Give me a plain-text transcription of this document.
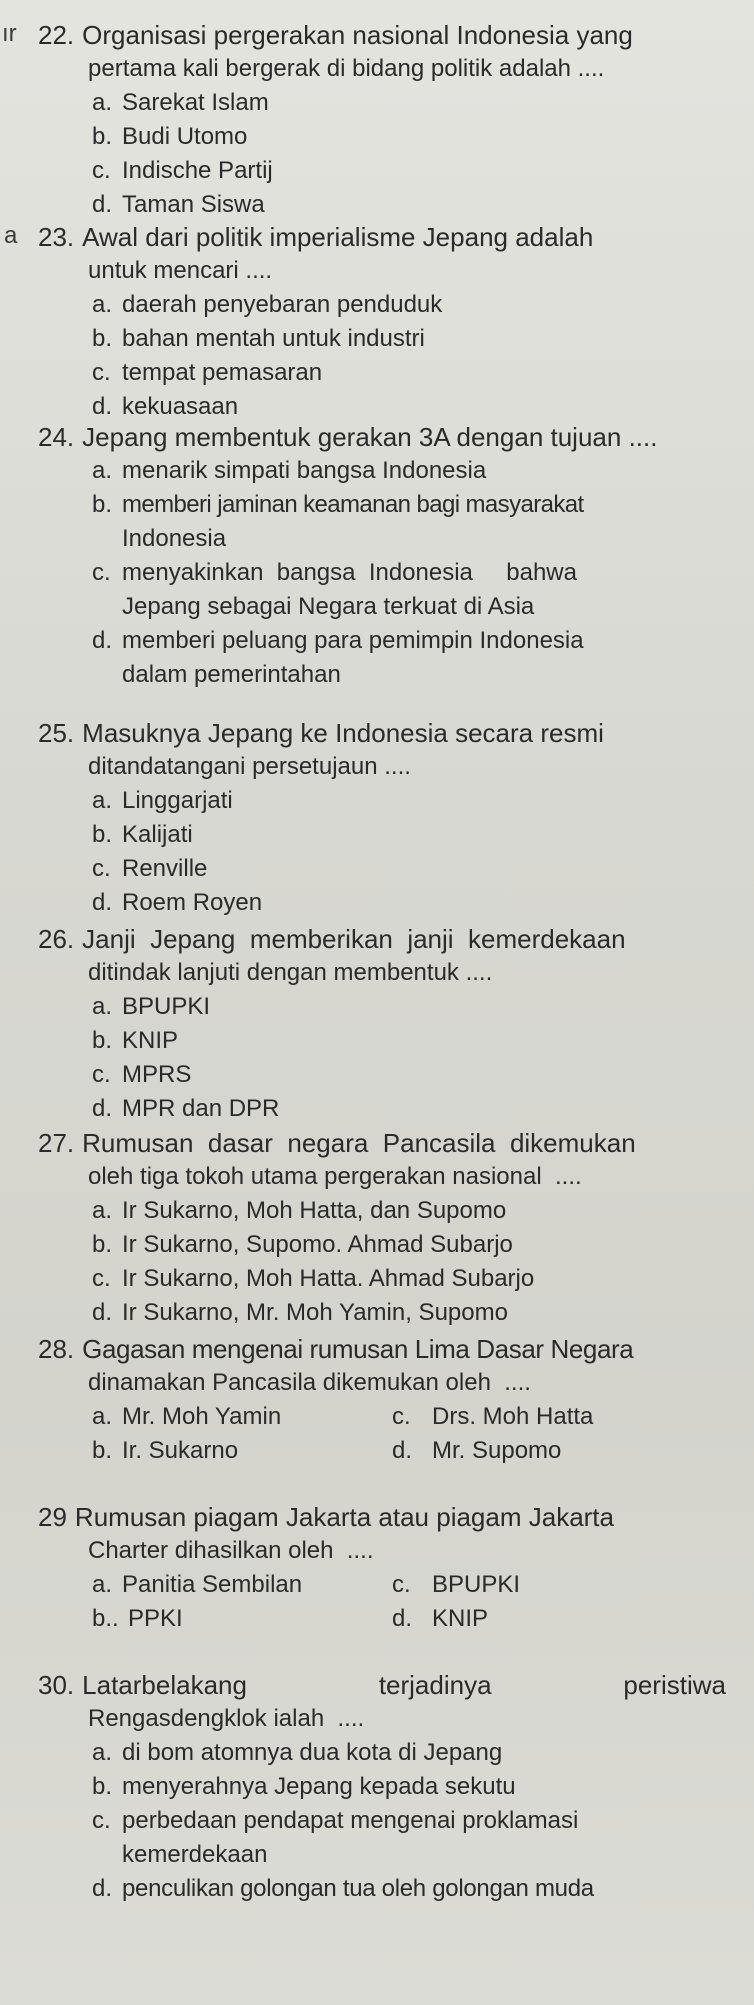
ır
a

22. Organisasi pergerakan nasional Indonesia yang

pertama kali bergerak di bidang politik adalah ....

a. Sarekat Islam

b. Budi Utomo

c. Indische Partij

d. Taman Siswa

23. Awal dari politik imperialisme Jepang adalah

untuk mencari ....

a. daerah penyebaran penduduk

b. bahan mentah untuk industri

c. tempat pemasaran

d. kekuasaan

24. Jepang membentuk gerakan 3A dengan tujuan ....

a. menarik simpati bangsa Indonesia

b. memberi jaminan keamanan bagi masyarakat

Indonesia

c. menyakinkan  bangsa  Indonesia     bahwa

Jepang sebagai Negara terkuat di Asia

d. memberi peluang para pemimpin Indonesia

dalam pemerintahan

25. Masuknya Jepang ke Indonesia secara resmi

ditandatangani persetujaun ....

a. Linggarjati

b. Kalijati

c. Renville

d. Roem Royen

26. Janji  Jepang  memberikan  janji  kemerdekaan

ditindak lanjuti dengan membentuk ....

a. BPUPKI

b. KNIP

c. MPRS

d. MPR dan DPR

27. Rumusan  dasar  negara  Pancasila  dikemukan

oleh tiga tokoh utama pergerakan nasional  ....

a. Ir Sukarno, Moh Hatta, dan Supomo

b. Ir Sukarno, Supomo. Ahmad Subarjo

c. Ir Sukarno, Moh Hatta. Ahmad Subarjo

d. Ir Sukarno, Mr. Moh Yamin, Supomo

28. Gagasan mengenai rumusan Lima Dasar Negara

dinamakan Pancasila dikemukan oleh  ....

a. Mr. Moh Yamin	c. Drs. Moh Hatta
b. Ir. Sukarno	d. Mr. Supomo

29 Rumusan piagam Jakarta atau piagam Jakarta

Charter dihasilkan oleh  ....

a. Panitia Sembilan	c. BPUPKI
b.. PPKI	d. KNIP

30. Latarbelakang	terjadinya	peristiwa

Rengasdengklok ialah  ....

a. di bom atomnya dua kota di Jepang

b. menyerahnya Jepang kepada sekutu

c. perbedaan pendapat mengenai proklamasi

kemerdekaan

d. penculikan golongan tua oleh golongan muda
